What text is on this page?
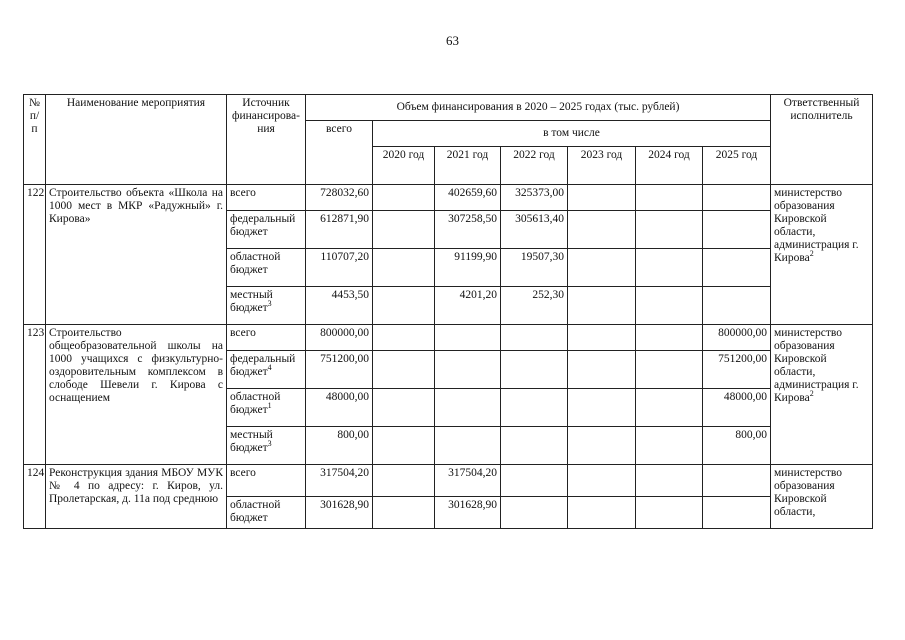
63
№ п/п	Наименование мероприятия	Источник финансирова-ния	Объем финансирования в 2020 – 2025 годах (тыс. рублей)							Ответственный исполнитель
			всего	в том числе						
				2020 год	2021 год	2022 год	2023 год	2024 год	2025 год	
122	Строительство объекта «Школа на 1000 мест в МКР «Радужный» г. Кирова»	всего	728032,60		402659,60	325373,00				министерство образования Кировской области, администрация г. Кирова$^2$
		федеральный бюджет	612871,90		307258,50	305613,40				
		областной бюджет	110707,20		91199,90	19507,30				
		местный бюджет$^3$	4453,50		4201,20	252,30				
123	Строительство общеобразовательной школы на 1000 учащихся с физкультурно-оздоровительным комплексом в слободе Шевели г. Кирова с оснащением	всего	800000,00						800000,00	министерство образования Кировской области, администрация г. Кирова$^2$
		федеральный бюджет$^4$	751200,00						751200,00	
		областной бюджет$^1$	48000,00						48000,00	
		местный бюджет$^3$	800,00						800,00	
124	Реконструкция здания МБОУ МУК № 4 по адресу: г. Киров, ул. Пролетарская, д. 11а под среднюю	всего	317504,20		317504,20					министерство образования Кировской области,
		областной бюджет	301628,90		301628,90					
